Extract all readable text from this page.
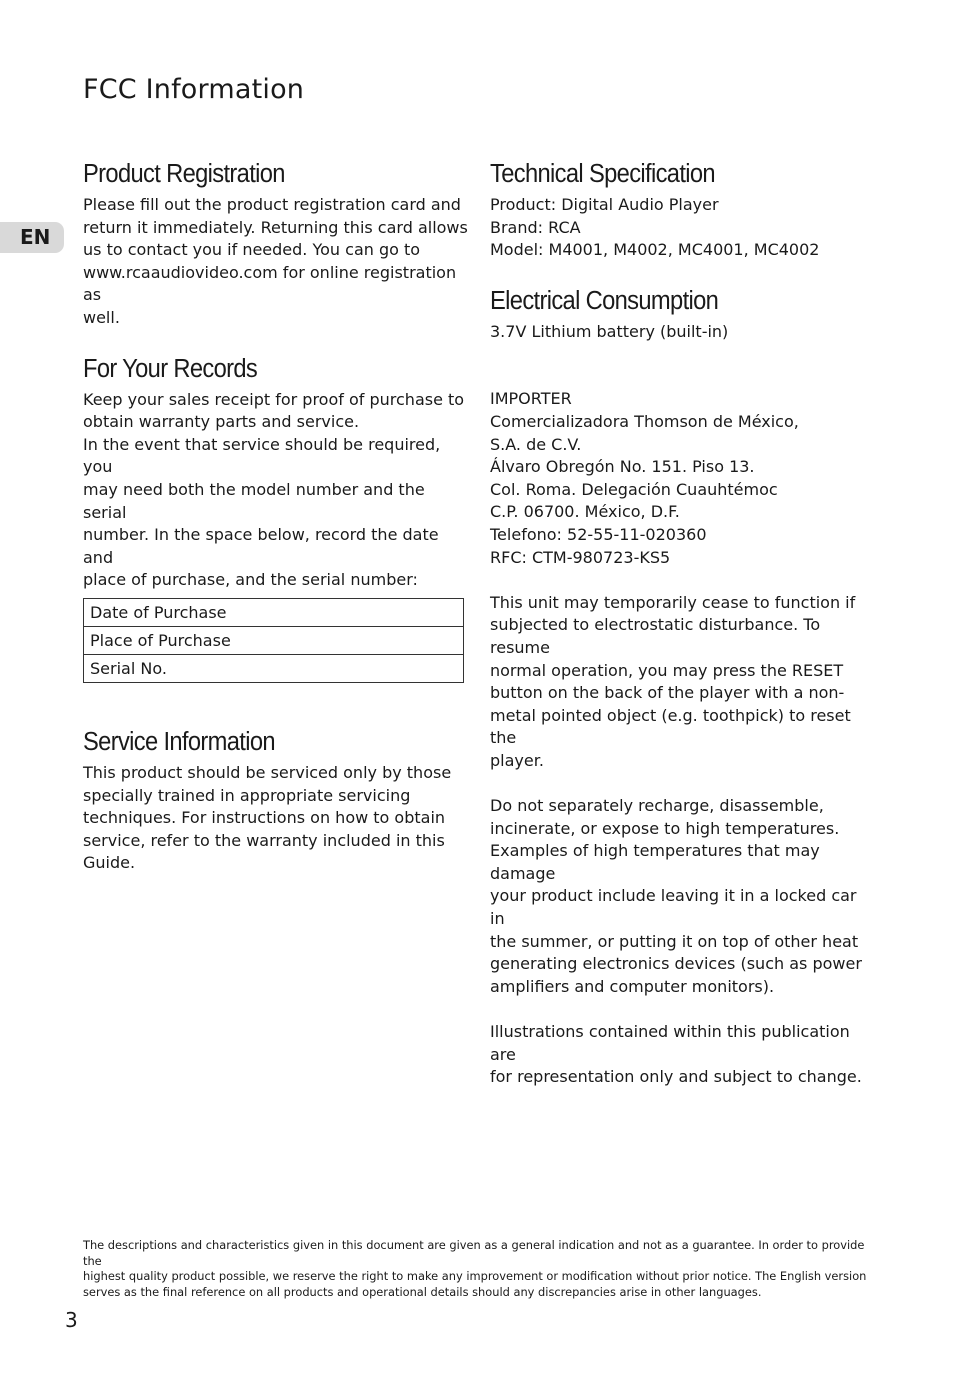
FCC Information
EN
Product Registration

Please fill out the product registration card and

return it immediately. Returning this card allows

us to contact you if needed. You can go to

www.rcaaudiovideo.com for online registration as

well.

For Your Records

Keep your sales receipt for proof of purchase to

obtain warranty parts and service.

In the event that service should be required, you

may need both the model number and the serial

number. In the space below, record the date and

place of purchase, and the serial number:

Date of Purchase
Place of Purchase
Serial No.
Service Information

This product should be serviced only by those

specially trained in appropriate servicing

techniques. For instructions on how to obtain

service, refer to the warranty included in this

Guide.

Technical Specification

Product: Digital Audio Player

Brand: RCA

Model: M4001, M4002, MC4001, MC4002

Electrical Consumption

3.7V Lithium battery (built-in)

IMPORTER

Comercializadora Thomson de México,

S.A. de C.V.

Álvaro Obregón No. 151. Piso 13.

Col. Roma. Delegación Cuauhtémoc

C.P. 06700. México, D.F.

Telefono: 52-55-11-020360

RFC: CTM-980723-KS5

This unit may temporarily cease to function if

subjected to electrostatic disturbance. To resume

normal operation, you may press the RESET

button on the back of the player with a non-

metal pointed object (e.g. toothpick) to reset the

player.

Do not separately recharge, disassemble,

incinerate, or expose to high temperatures.

Examples of high temperatures that may damage

your product include leaving it in a locked car in

the summer, or putting it on top of other heat

generating electronics devices (such as power

amplifiers and computer monitors).

Illustrations contained within this publication are

for representation only and subject to change.

The descriptions and characteristics given in this document are given as a general indication and not as a guarantee. In order to provide the
highest quality product possible, we reserve the right to make any improvement or modification without prior notice. The English version
serves as the final reference on all products and operational details should any discrepancies arise in other languages.
3
